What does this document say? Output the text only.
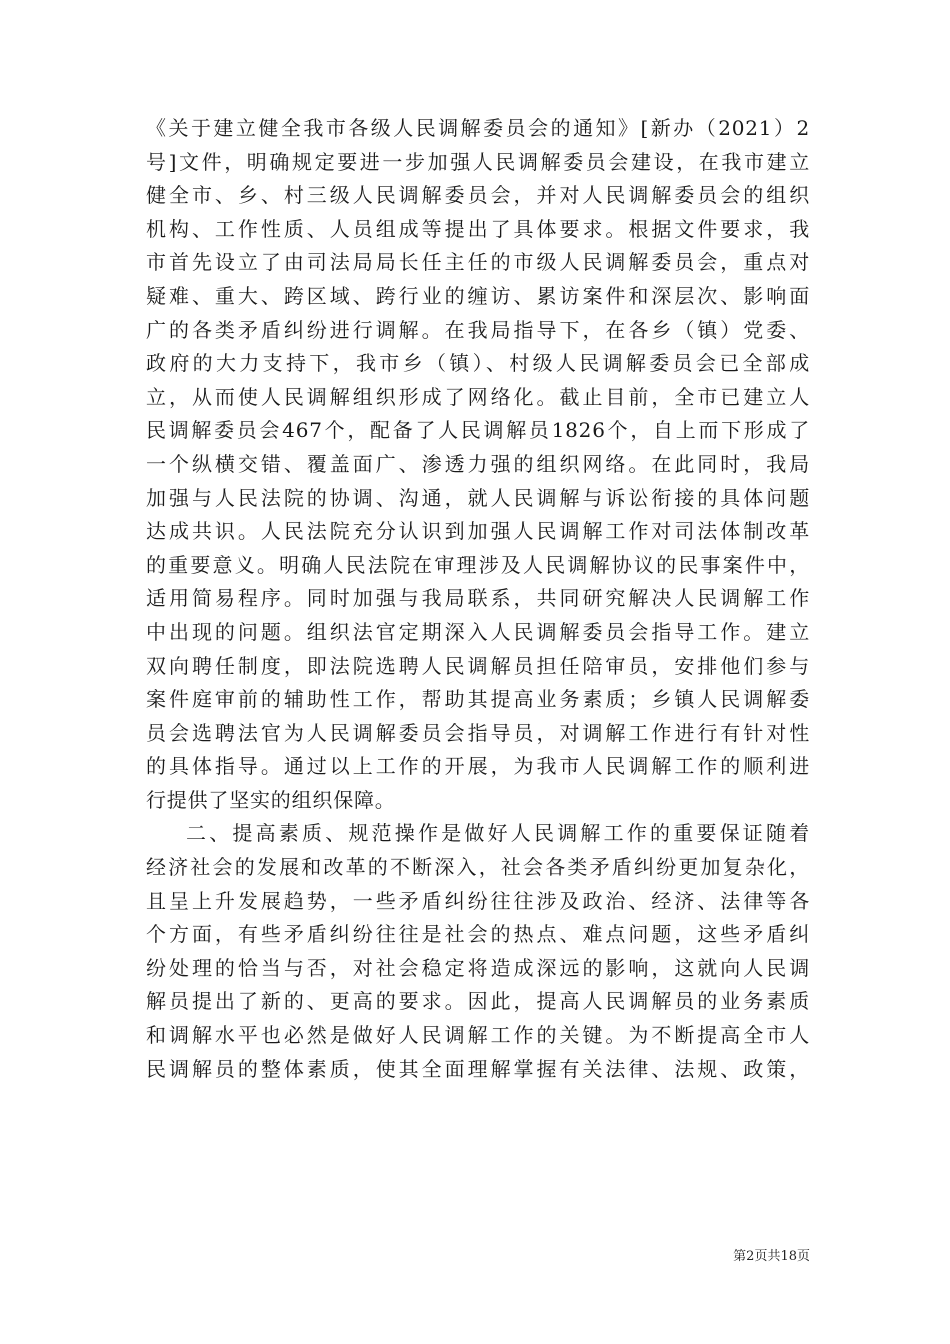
《关于建立健全我市各级人民调解委员会的通知》[新办（2021）2
号]文件，明确规定要进一步加强人民调解委员会建设，在我市建立
健全市、乡、村三级人民调解委员会，并对人民调解委员会的组织
机构、工作性质、人员组成等提出了具体要求。根据文件要求，我
市首先设立了由司法局局长任主任的市级人民调解委员会，重点对
疑难、重大、跨区域、跨行业的缠访、累访案件和深层次、影响面
广的各类矛盾纠纷进行调解。在我局指导下，在各乡（镇）党委、
政府的大力支持下，我市乡（镇）、村级人民调解委员会已全部成
立，从而使人民调解组织形成了网络化。截止目前，全市已建立人
民调解委员会467个，配备了人民调解员1826个，自上而下形成了
一个纵横交错、覆盖面广、渗透力强的组织网络。在此同时，我局
加强与人民法院的协调、沟通，就人民调解与诉讼衔接的具体问题
达成共识。人民法院充分认识到加强人民调解工作对司法体制改革
的重要意义。明确人民法院在审理涉及人民调解协议的民事案件中，
适用简易程序。同时加强与我局联系，共同研究解决人民调解工作
中出现的问题。组织法官定期深入人民调解委员会指导工作。建立
双向聘任制度，即法院选聘人民调解员担任陪审员，安排他们参与
案件庭审前的辅助性工作，帮助其提高业务素质；乡镇人民调解委
员会选聘法官为人民调解委员会指导员，对调解工作进行有针对性
的具体指导。通过以上工作的开展，为我市人民调解工作的顺利进
行提供了坚实的组织保障。
二、提高素质、规范操作是做好人民调解工作的重要保证随着
经济社会的发展和改革的不断深入，社会各类矛盾纠纷更加复杂化，
且呈上升发展趋势，一些矛盾纠纷往往涉及政治、经济、法律等各
个方面，有些矛盾纠纷往往是社会的热点、难点问题，这些矛盾纠
纷处理的恰当与否，对社会稳定将造成深远的影响，这就向人民调
解员提出了新的、更高的要求。因此，提高人民调解员的业务素质
和调解水平也必然是做好人民调解工作的关键。为不断提高全市人
民调解员的整体素质，使其全面理解掌握有关法律、法规、政策，
第2页共18页
